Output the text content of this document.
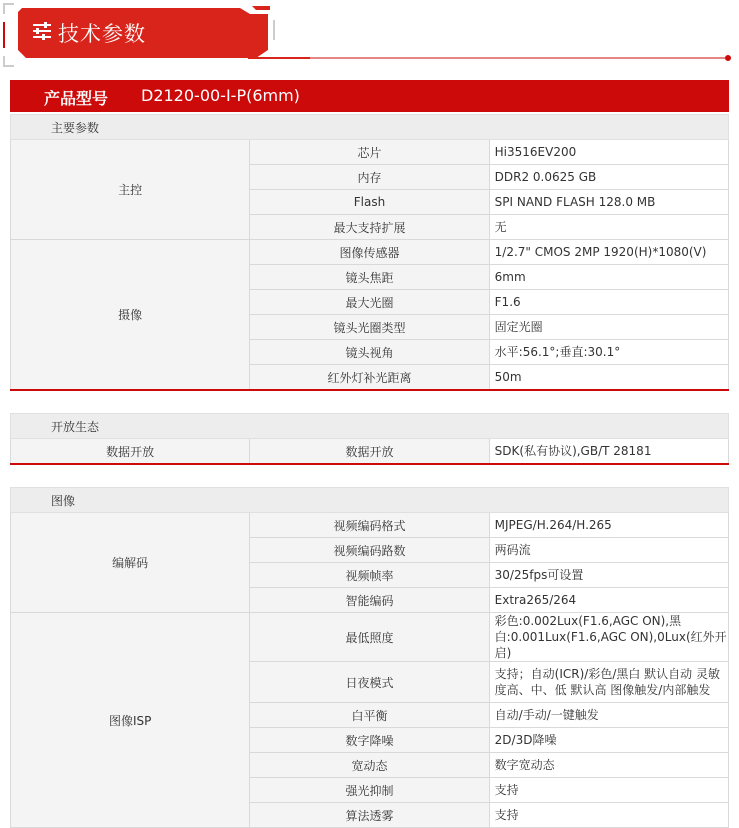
技术参数
产品型号 D2120-00-I-P(6mm)
主要参数		
主控	芯片	Hi3516EV200
	内存	DDR2 0.0625 GB
	Flash	SPI NAND FLASH 128.0 MB
	最大支持扩展	无
摄像	图像传感器	1/2.7" CMOS 2MP 1920(H)*1080(V)
	镜头焦距	6mm
	最大光圈	F1.6
	镜头光圈类型	固定光圈
	镜头视角	水平:56.1°;垂直:30.1°
	红外灯补光距离	50m
开放生态
数据开放	数据开放	SDK(私有协议),GB/T 28181
图像		
编解码	视频编码格式	MJPEG/H.264/H.265
	视频编码路数	两码流
	视频帧率	30/25fps可设置
	智能编码	Extra265/264
图像ISP	最低照度	彩色:0.002Lux(F1.6,AGC ON),黑白:0.001Lux(F1.6,AGC ON),0Lux(红外开启)
	日夜模式	支持；自动(ICR)/彩色/黑白 默认自动 灵敏度高、中、低 默认高 图像触发/内部触发
	白平衡	自动/手动/一键触发
	数字降噪	2D/3D降噪
	宽动态	数字宽动态
	强光抑制	支持
	算法透雾	支持
